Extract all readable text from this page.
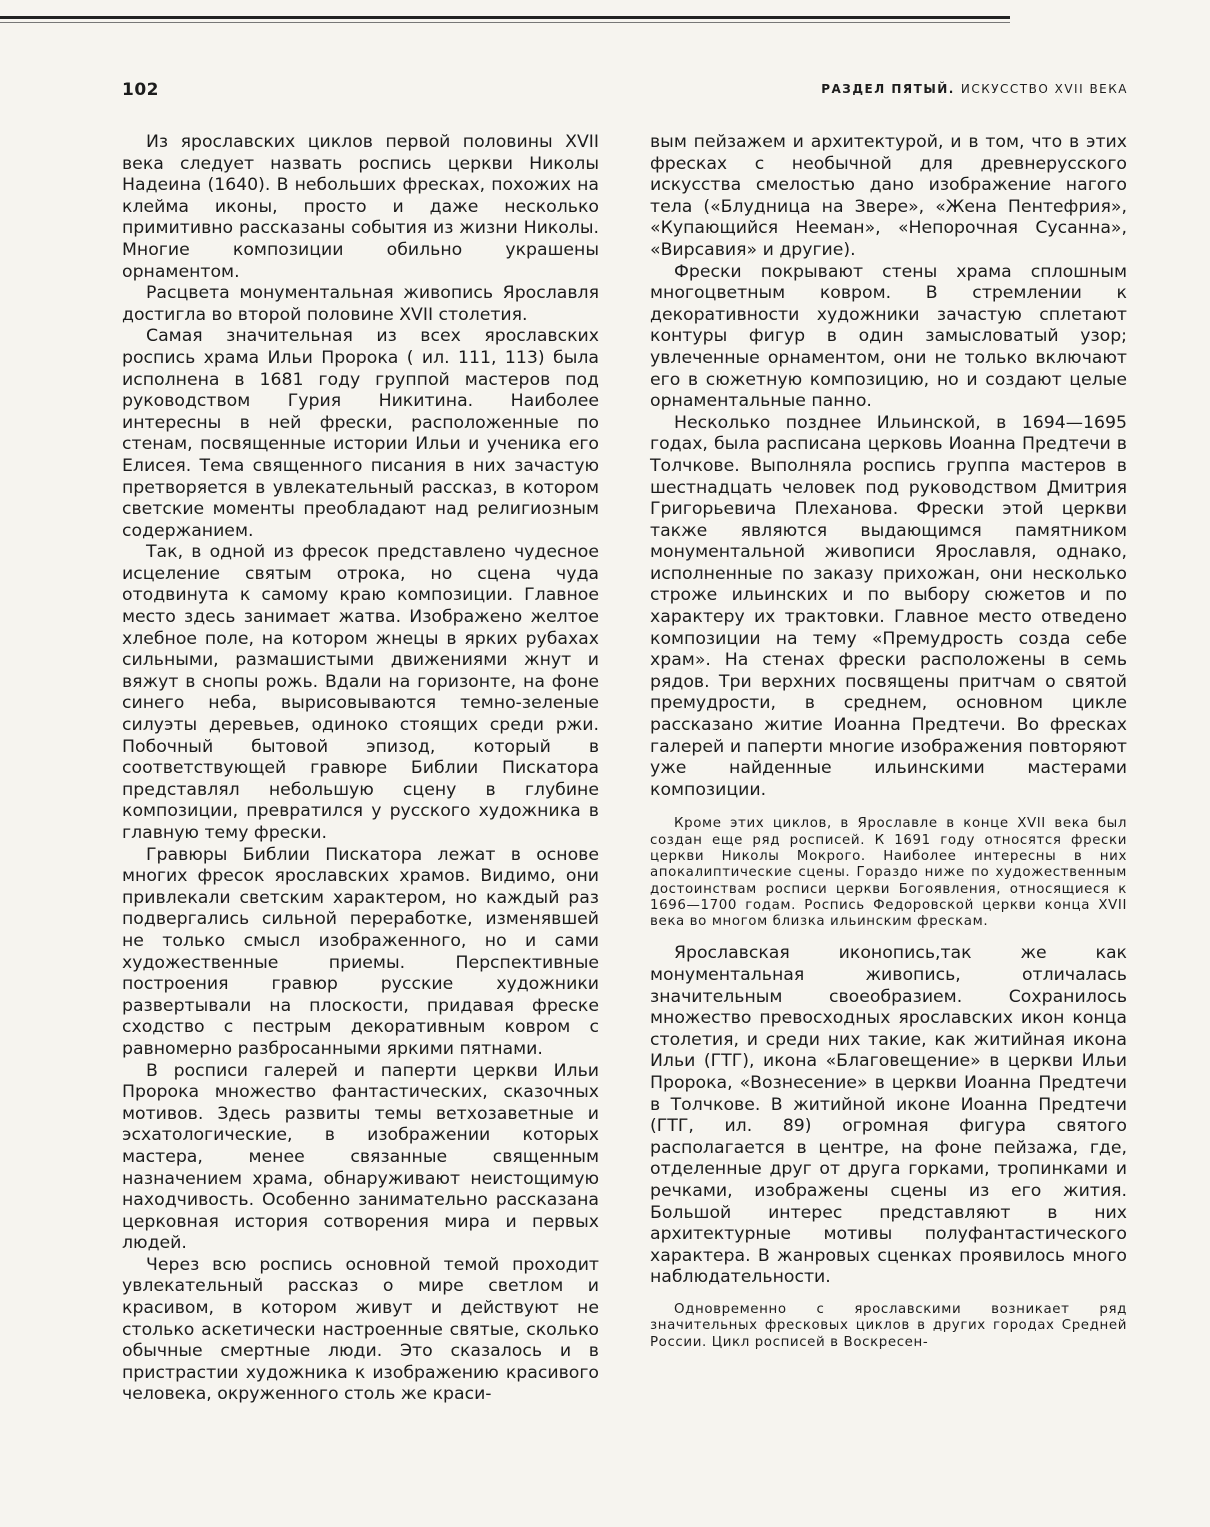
102	РАЗДЕЛ ПЯТЫЙ. ИСКУССТВО XVII ВЕКА

Из ярославских циклов первой половины XVII века следует назвать роспись церкви Николы Надеина (1640). В небольших фресках, похожих на клейма иконы, просто и даже несколько примитивно рассказаны события из жизни Николы. Многие композиции обильно украшены орнаментом.

Расцвета монументальная живопись Ярославля достигла во второй половине XVII столетия.

Самая значительная из всех ярославских роспись храма Ильи Пророка ( ил. 111, 113) была исполнена в 1681 году группой мастеров под руководством Гурия Никитина. Наиболее интересны в ней фрески, расположенные по стенам, посвященные истории Ильи и ученика его Елисея. Тема священного писания в них зачастую претворяется в увлекательный рассказ, в котором светские моменты преобладают над религиозным содержанием.

Так, в одной из фресок представлено чудесное исцеление святым отрока, но сцена чуда отодвинута к самому краю композиции. Главное место здесь занимает жатва. Изображено желтое хлебное поле, на котором жнецы в ярких рубахах сильными, размашистыми движениями жнут и вяжут в снопы рожь. Вдали на горизонте, на фоне синего неба, вырисовываются темно-зеленые силуэты деревьев, одиноко стоящих среди ржи. Побочный бытовой эпизод, который в соответствующей гравюре Библии Пискатора представлял небольшую сцену в глубине композиции, превратился у русского художника в главную тему фрески.

Гравюры Библии Пискатора лежат в основе многих фресок ярославских храмов. Видимо, они привлекали светским характером, но каждый раз подвергались сильной переработке, изменявшей не только смысл изображенного, но и сами художественные приемы. Перспективные построения гравюр русские художники развертывали на плоскости, придавая фреске сходство с пестрым декоративным ковром с равномерно разбросанными яркими пятнами.

В росписи галерей и паперти церкви Ильи Пророка множество фантастических, сказочных мотивов. Здесь развиты темы ветхозаветные и эсхатологические, в изображении которых мастера, менее связанные священным назначением храма, обнаруживают неистощимую находчивость. Особенно занимательно рассказана церковная история сотворения мира и первых людей.

Через всю роспись основной темой проходит увлекательный рассказ о мире светлом и красивом, в котором живут и действуют не столько аскетически настроенные святые, сколько обычные смертные люди. Это сказалось и в пристрастии художника к изображению красивого человека, окруженного столь же краси-

вым пейзажем и архитектурой, и в том, что в этих фресках с необычной для древнерусского искусства смелостью дано изображение нагого тела («Блудница на Звере», «Жена Пентефрия», «Купающийся Нееман», «Непорочная Сусанна», «Вирсавия» и другие).

Фрески покрывают стены храма сплошным многоцветным ковром. В стремлении к декоративности художники зачастую сплетают контуры фигур в один замысловатый узор; увлеченные орнаментом, они не только включают его в сюжетную композицию, но и создают целые орнаментальные панно.

Несколько позднее Ильинской, в 1694—1695 годах, была расписана церковь Иоанна Предтечи в Толчкове. Выполняла роспись группа мастеров в шестнадцать человек под руководством Дмитрия Григорьевича Плеханова. Фрески этой церкви также являются выдающимся памятником монументальной живописи Ярославля, однако, исполненные по заказу прихожан, они несколько строже ильинских и по выбору сюжетов и по характеру их трактовки. Главное место отведено композиции на тему «Премудрость созда себе храм». На стенах фрески расположены в семь рядов. Три верхних посвящены притчам о святой премудрости, в среднем, основном цикле рассказано житие Иоанна Предтечи. Во фресках галерей и паперти многие изображения повторяют уже найденные ильинскими мастерами композиции.

Кроме этих циклов, в Ярославле в конце XVII века был создан еще ряд росписей. К 1691 году относятся фрески церкви Николы Мокрого. Наиболее интересны в них апокалиптические сцены. Гораздо ниже по художественным достоинствам росписи церкви Богоявления, относящиеся к 1696—1700 годам. Роспись Федоровской церкви конца XVII века во многом близка ильинским фрескам.

Ярославская иконопись,так же как монументальная живопись, отличалась значительным своеобразием. Сохранилось множество превосходных ярославских икон конца столетия, и среди них такие, как житийная икона Ильи (ГТГ), икона «Благовещение» в церкви Ильи Пророка, «Вознесение» в церкви Иоанна Предтечи в Толчкове. В житийной иконе Иоанна Предтечи (ГТГ, ил. 89) огромная фигура святого располагается в центре, на фоне пейзажа, где, отделенные друг от друга горками, тропинками и речками, изображены сцены из его жития. Большой интерес представляют в них архитектурные мотивы полуфантастического характера. В жанровых сценках проявилось много наблюдательности.

Одновременно с ярославскими возникает ряд значительных фресковых циклов в других городах Средней России. Цикл росписей в Воскресен-
